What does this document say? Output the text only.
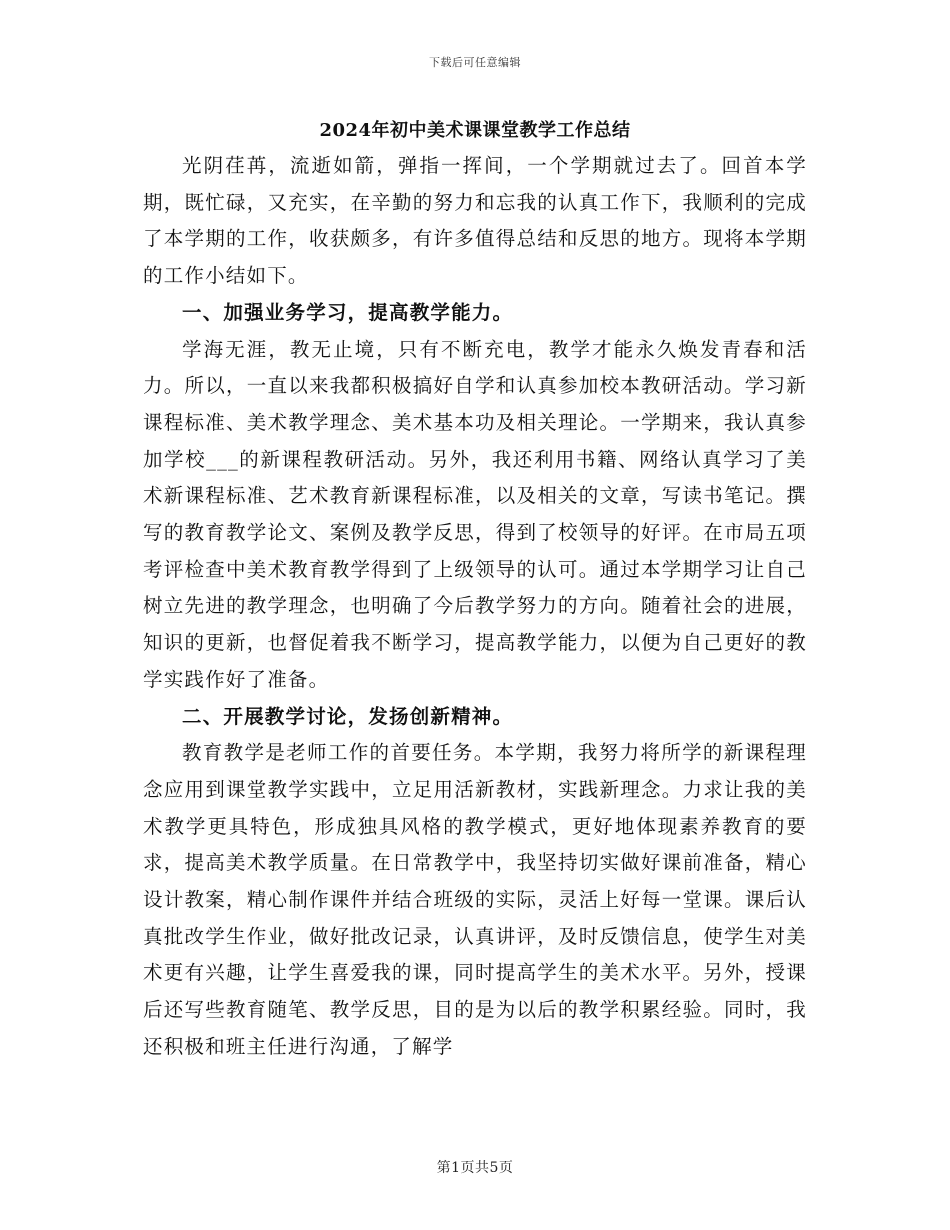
下载后可任意编辑
2024年初中美术课课堂教学工作总结

光阴荏苒，流逝如箭，弹指一挥间，一个学期就过去了。回首本学期，既忙碌，又充实，在辛勤的努力和忘我的认真工作下，我顺利的完成了本学期的工作，收获颇多，有许多值得总结和反思的地方。现将本学期的工作小结如下。

一、加强业务学习，提高教学能力。

学海无涯，教无止境，只有不断充电，教学才能永久焕发青春和活力。所以，一直以来我都积极搞好自学和认真参加校本教研活动。学习新课程标准、美术教学理念、美术基本功及相关理论。一学期来，我认真参加学校___的新课程教研活动。另外，我还利用书籍、网络认真学习了美术新课程标准、艺术教育新课程标准，以及相关的文章，写读书笔记。撰写的教育教学论文、案例及教学反思，得到了校领导的好评。在市局五项考评检查中美术教育教学得到了上级领导的认可。通过本学期学习让自己树立先进的教学理念，也明确了今后教学努力的方向。随着社会的进展，知识的更新，也督促着我不断学习，提高教学能力，以便为自己更好的教学实践作好了准备。

二、开展教学讨论，发扬创新精神。

教育教学是老师工作的首要任务。本学期，我努力将所学的新课程理念应用到课堂教学实践中，立足用活新教材，实践新理念。力求让我的美术教学更具特色，形成独具风格的教学模式，更好地体现素养教育的要求，提高美术教学质量。在日常教学中，我坚持切实做好课前准备，精心设计教案，精心制作课件并结合班级的实际，灵活上好每一堂课。课后认真批改学生作业，做好批改记录，认真讲评，及时反馈信息，使学生对美术更有兴趣，让学生喜爱我的课，同时提高学生的美术水平。另外，授课后还写些教育随笔、教学反思，目的是为以后的教学积累经验。同时，我还积极和班主任进行沟通，了解学

第1页共5页
